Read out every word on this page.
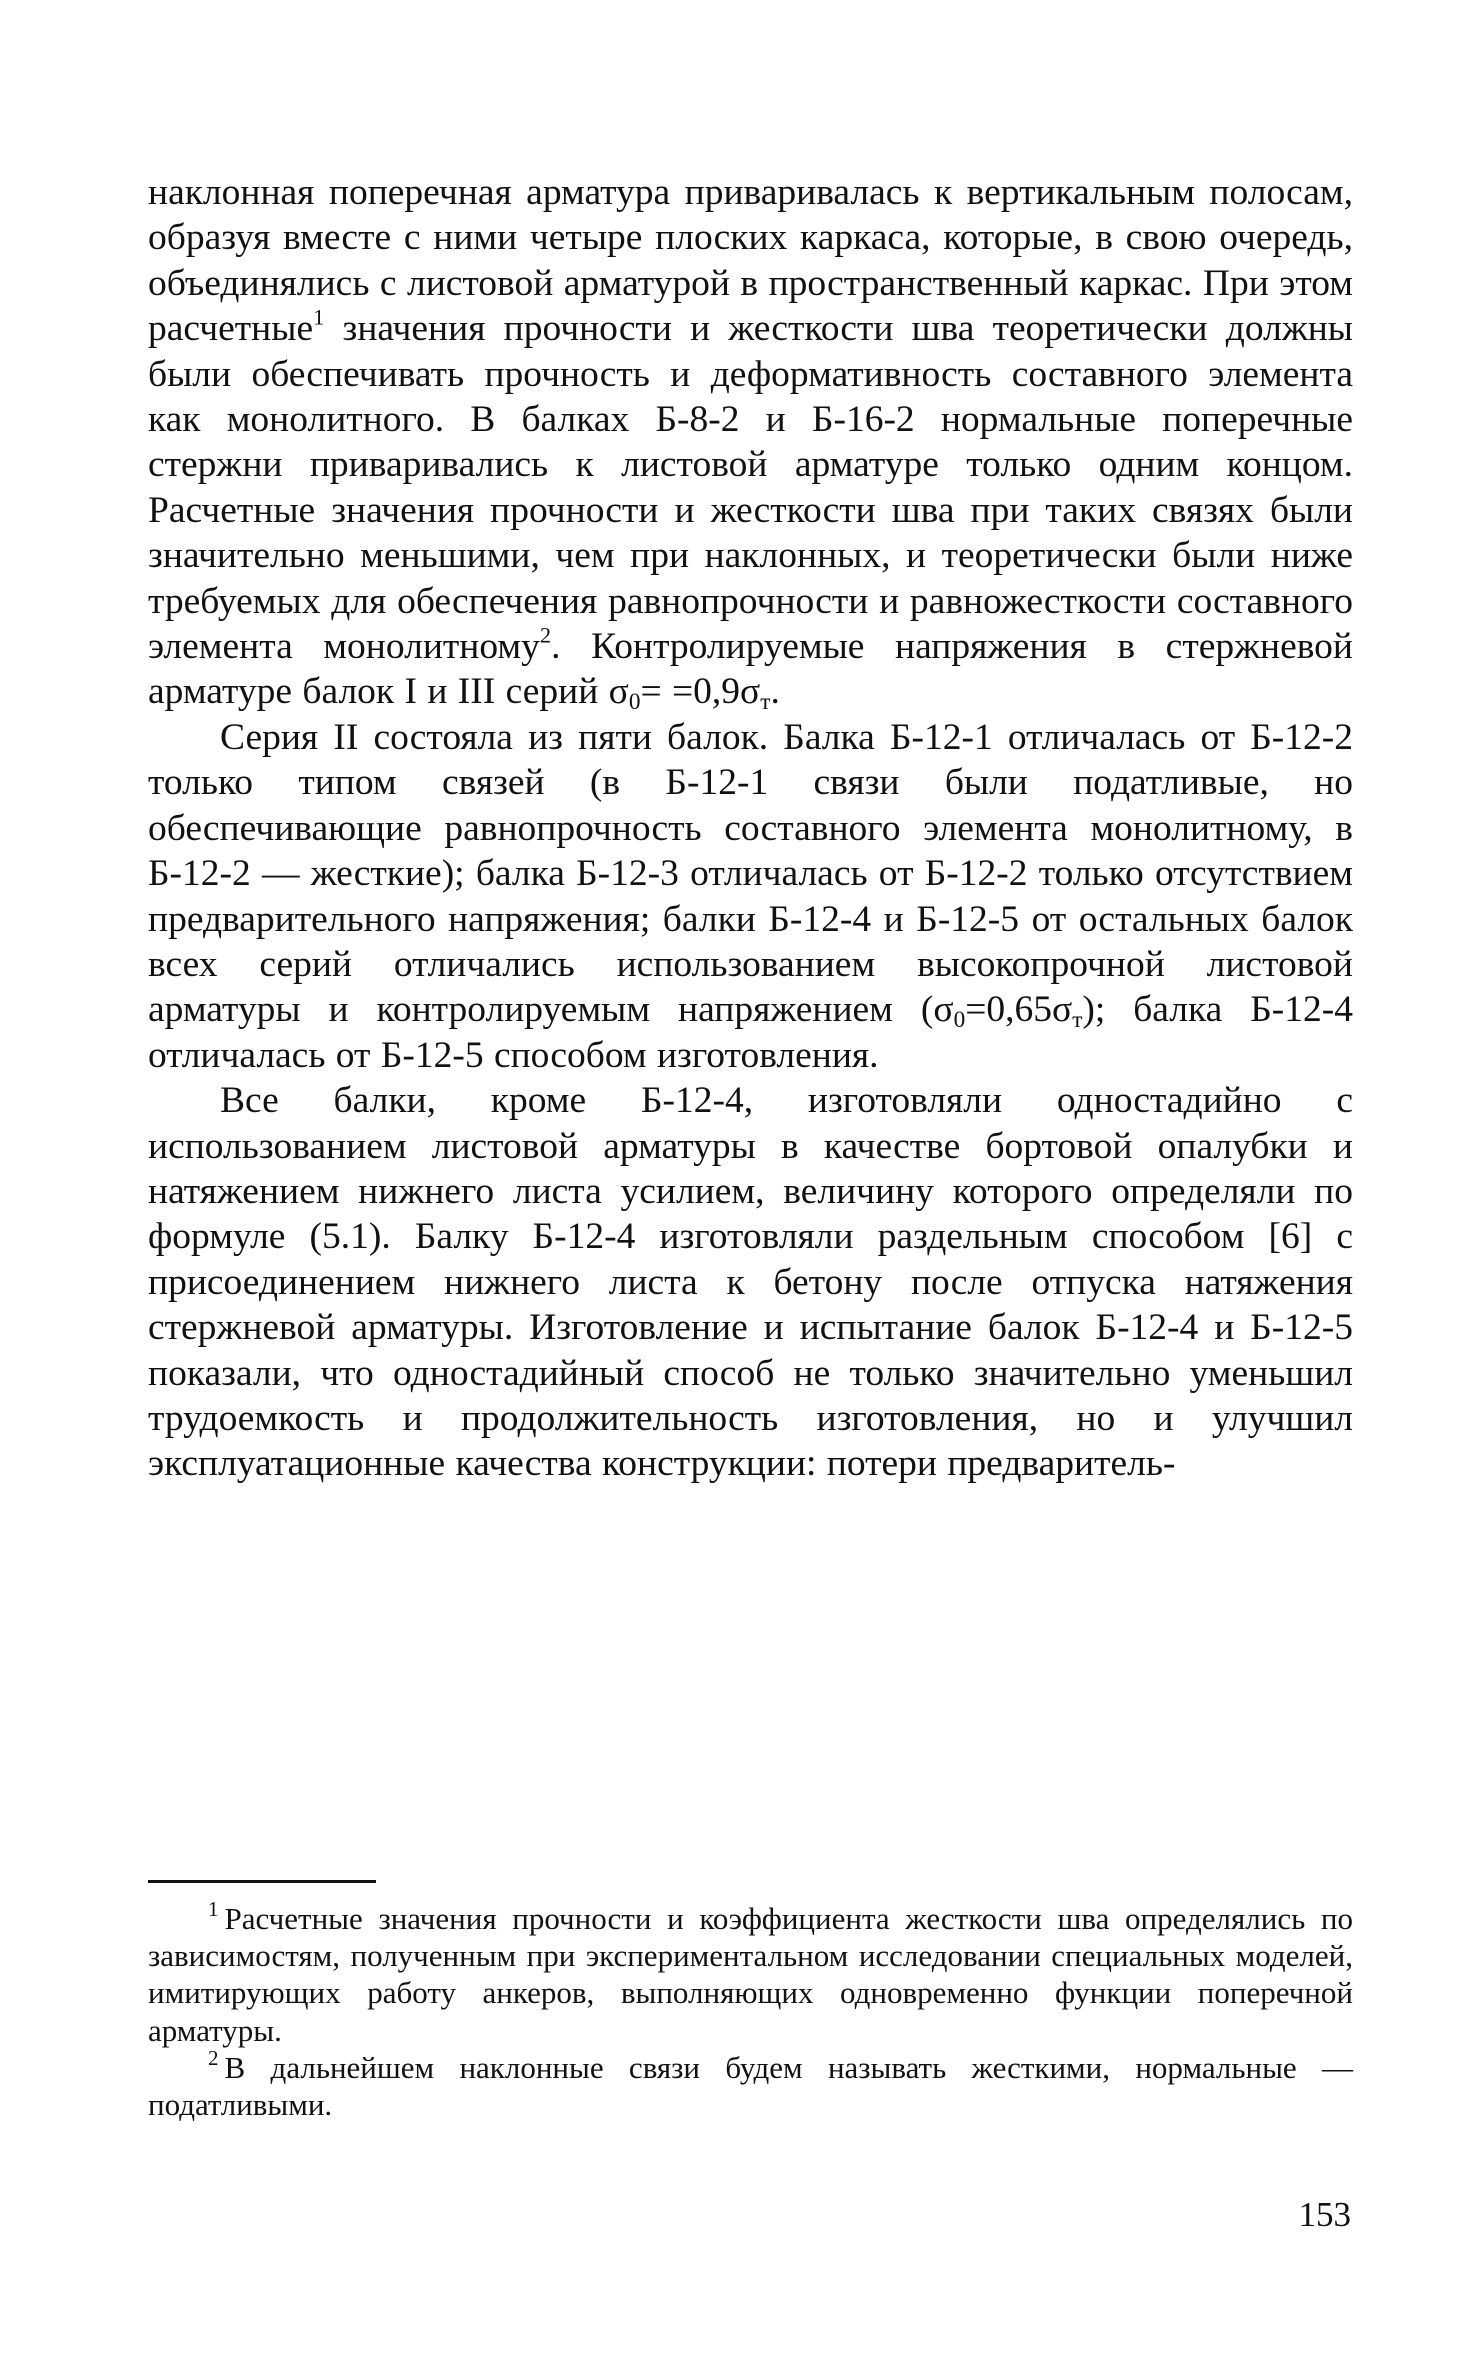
наклонная поперечная арматура приваривалась к вертикальным полосам, образуя вместе с ними четыре плоских каркаса, которые, в свою очередь, объединялись с листовой арматурой в пространственный каркас. При этом расчетные$^1$ значения прочности и жесткости шва теоретически должны были обеспечивать прочность и деформативность составного элемента как монолитного. В балках Б-8-2 и Б-16-2 нормальные поперечные стержни приваривались к листовой арматуре только одним концом. Расчетные значения прочности и жесткости шва при таких связях были значительно меньшими, чем при наклонных, и теоретически были ниже требуемых для обеспечения равнопрочности и равножесткости составного элемента монолитному$^2$. Контролируемые напряжения в стержневой арматуре балок I и III серий $\sigma_0= =0,9\sigma_т$.

Серия II состояла из пяти балок. Балка Б-12-1 отличалась от Б-12-2 только типом связей (в Б-12-1 связи были податливые, но обеспечивающие равнопрочность составного элемента монолитному, в Б-12-2 — жесткие); балка Б-12-3 отличалась от Б-12-2 только отсутствием предварительного напряжения; балки Б-12-4 и Б-12-5 от остальных балок всех серий отличались использованием высокопрочной листовой арматуры и контролируемым напряжением $(\sigma_0=0,65\sigma_т)$; балка Б-12-4 отличалась от Б-12-5 способом изготовления.

Все балки, кроме Б-12-4, изготовляли одностадийно с использованием листовой арматуры в качестве бортовой опалубки и натяжением нижнего листа усилием, величину которого определяли по формуле (5.1). Балку Б-12-4 изготовляли раздельным способом [6] с присоединением нижнего листа к бетону после отпуска натяжения стержневой арматуры. Изготовление и испытание балок Б-12-4 и Б-12-5 показали, что одностадийный способ не только значительно уменьшил трудоемкость и продолжительность изготовления, но и улучшил эксплуатационные качества конструкции: потери предваритель-

$^1$ Расчетные значения прочности и коэффициента жесткости шва определялись по зависимостям, полученным при экспериментальном исследовании специальных моделей, имитирующих работу анкеров, выполняющих одновременно функции поперечной арматуры.

$^2$ В дальнейшем наклонные связи будем называть жесткими, нормальные — податливыми.

153
